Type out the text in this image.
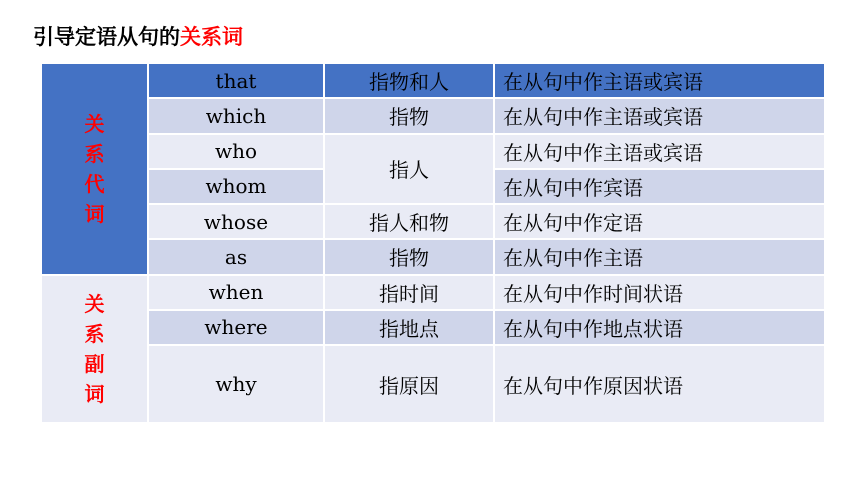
引导定语从句的关系词
关系代词	that	指物和人	在从句中作主语或宾语
	which	指物	在从句中作主语或宾语
	who	指人	在从句中作主语或宾语
	whom		在从句中作宾语
	whose	指人和物	在从句中作定语
	as	指物	在从句中作主语
关系副词	when	指时间	在从句中作时间状语
	where	指地点	在从句中作地点状语
	why	指原因	在从句中作原因状语
